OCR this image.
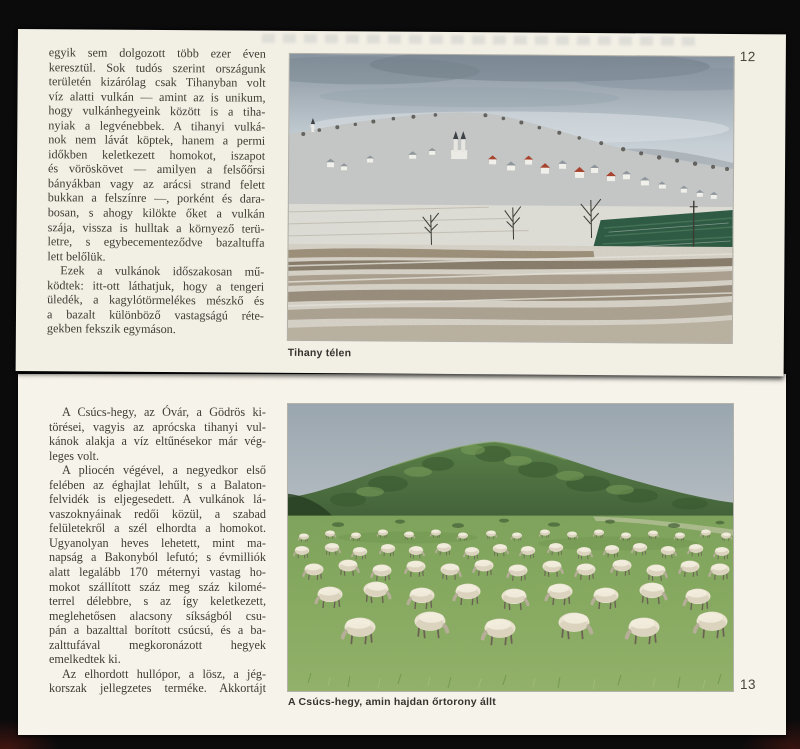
12
egyik sem dolgozott több ezer éven
keresztül. Sok tudós szerint országunk
területén kizárólag csak Tihanyban volt
víz alatti vulkán — amint az is unikum,
hogy vulkánhegyeink között is a tiha-
nyiak a legvénebbek. A tihanyi vulká-
nok nem lávát köptek, hanem a permi
időkben keletkezett homokot, iszapot
és vöröskövet — amilyen a felsőőrsi
bányákban vagy az arácsi strand felett
bukkan a felszínre —, porként és dara-
bosan, s ahogy kilökte őket a vulkán
szája, vissza is hulltak a környező terü-
letre, s egybecementeződve bazaltuffa
lett belőlük.
Ezek a vulkánok időszakosan mű-
ködtek: itt-ott láthatjuk, hogy a tengeri
üledék, a kagylótörmelékes mészkő és
a bazalt különböző vastagságú réte-
gekben fekszik egymáson.
Tihany télen
13
A Csúcs-hegy, az Óvár, a Gödrös ki-
törései, vagyis az aprócska tihanyi vul-
kánok alakja a víz eltűnésekor már vég-
leges volt.
A pliocén végével, a negyedkor első
felében az éghajlat lehűlt, s a Balaton-
felvidék is eljegesedett. A vulkánok lá-
vaszoknyáinak redői közül, a szabad
felületekről a szél elhordta a homokot.
Ugyanolyan heves lehetett, mint ma-
napság a Bakonyból lefutó; s évmilliók
alatt legalább 170 méternyi vastag ho-
mokot szállított száz meg száz kilomé-
terrel délebbre, s az így keletkezett,
meglehetősen alacsony síkságból csu-
pán a bazalttal borított csúcsú, és a ba-
zalttufával megkoronázott hegyek
emelkedtek ki.
Az elhordott hullópor, a lösz, a jég-
korszak jellegzetes terméke. Akkortájt
A Csúcs-hegy, amin hajdan őrtorony állt
